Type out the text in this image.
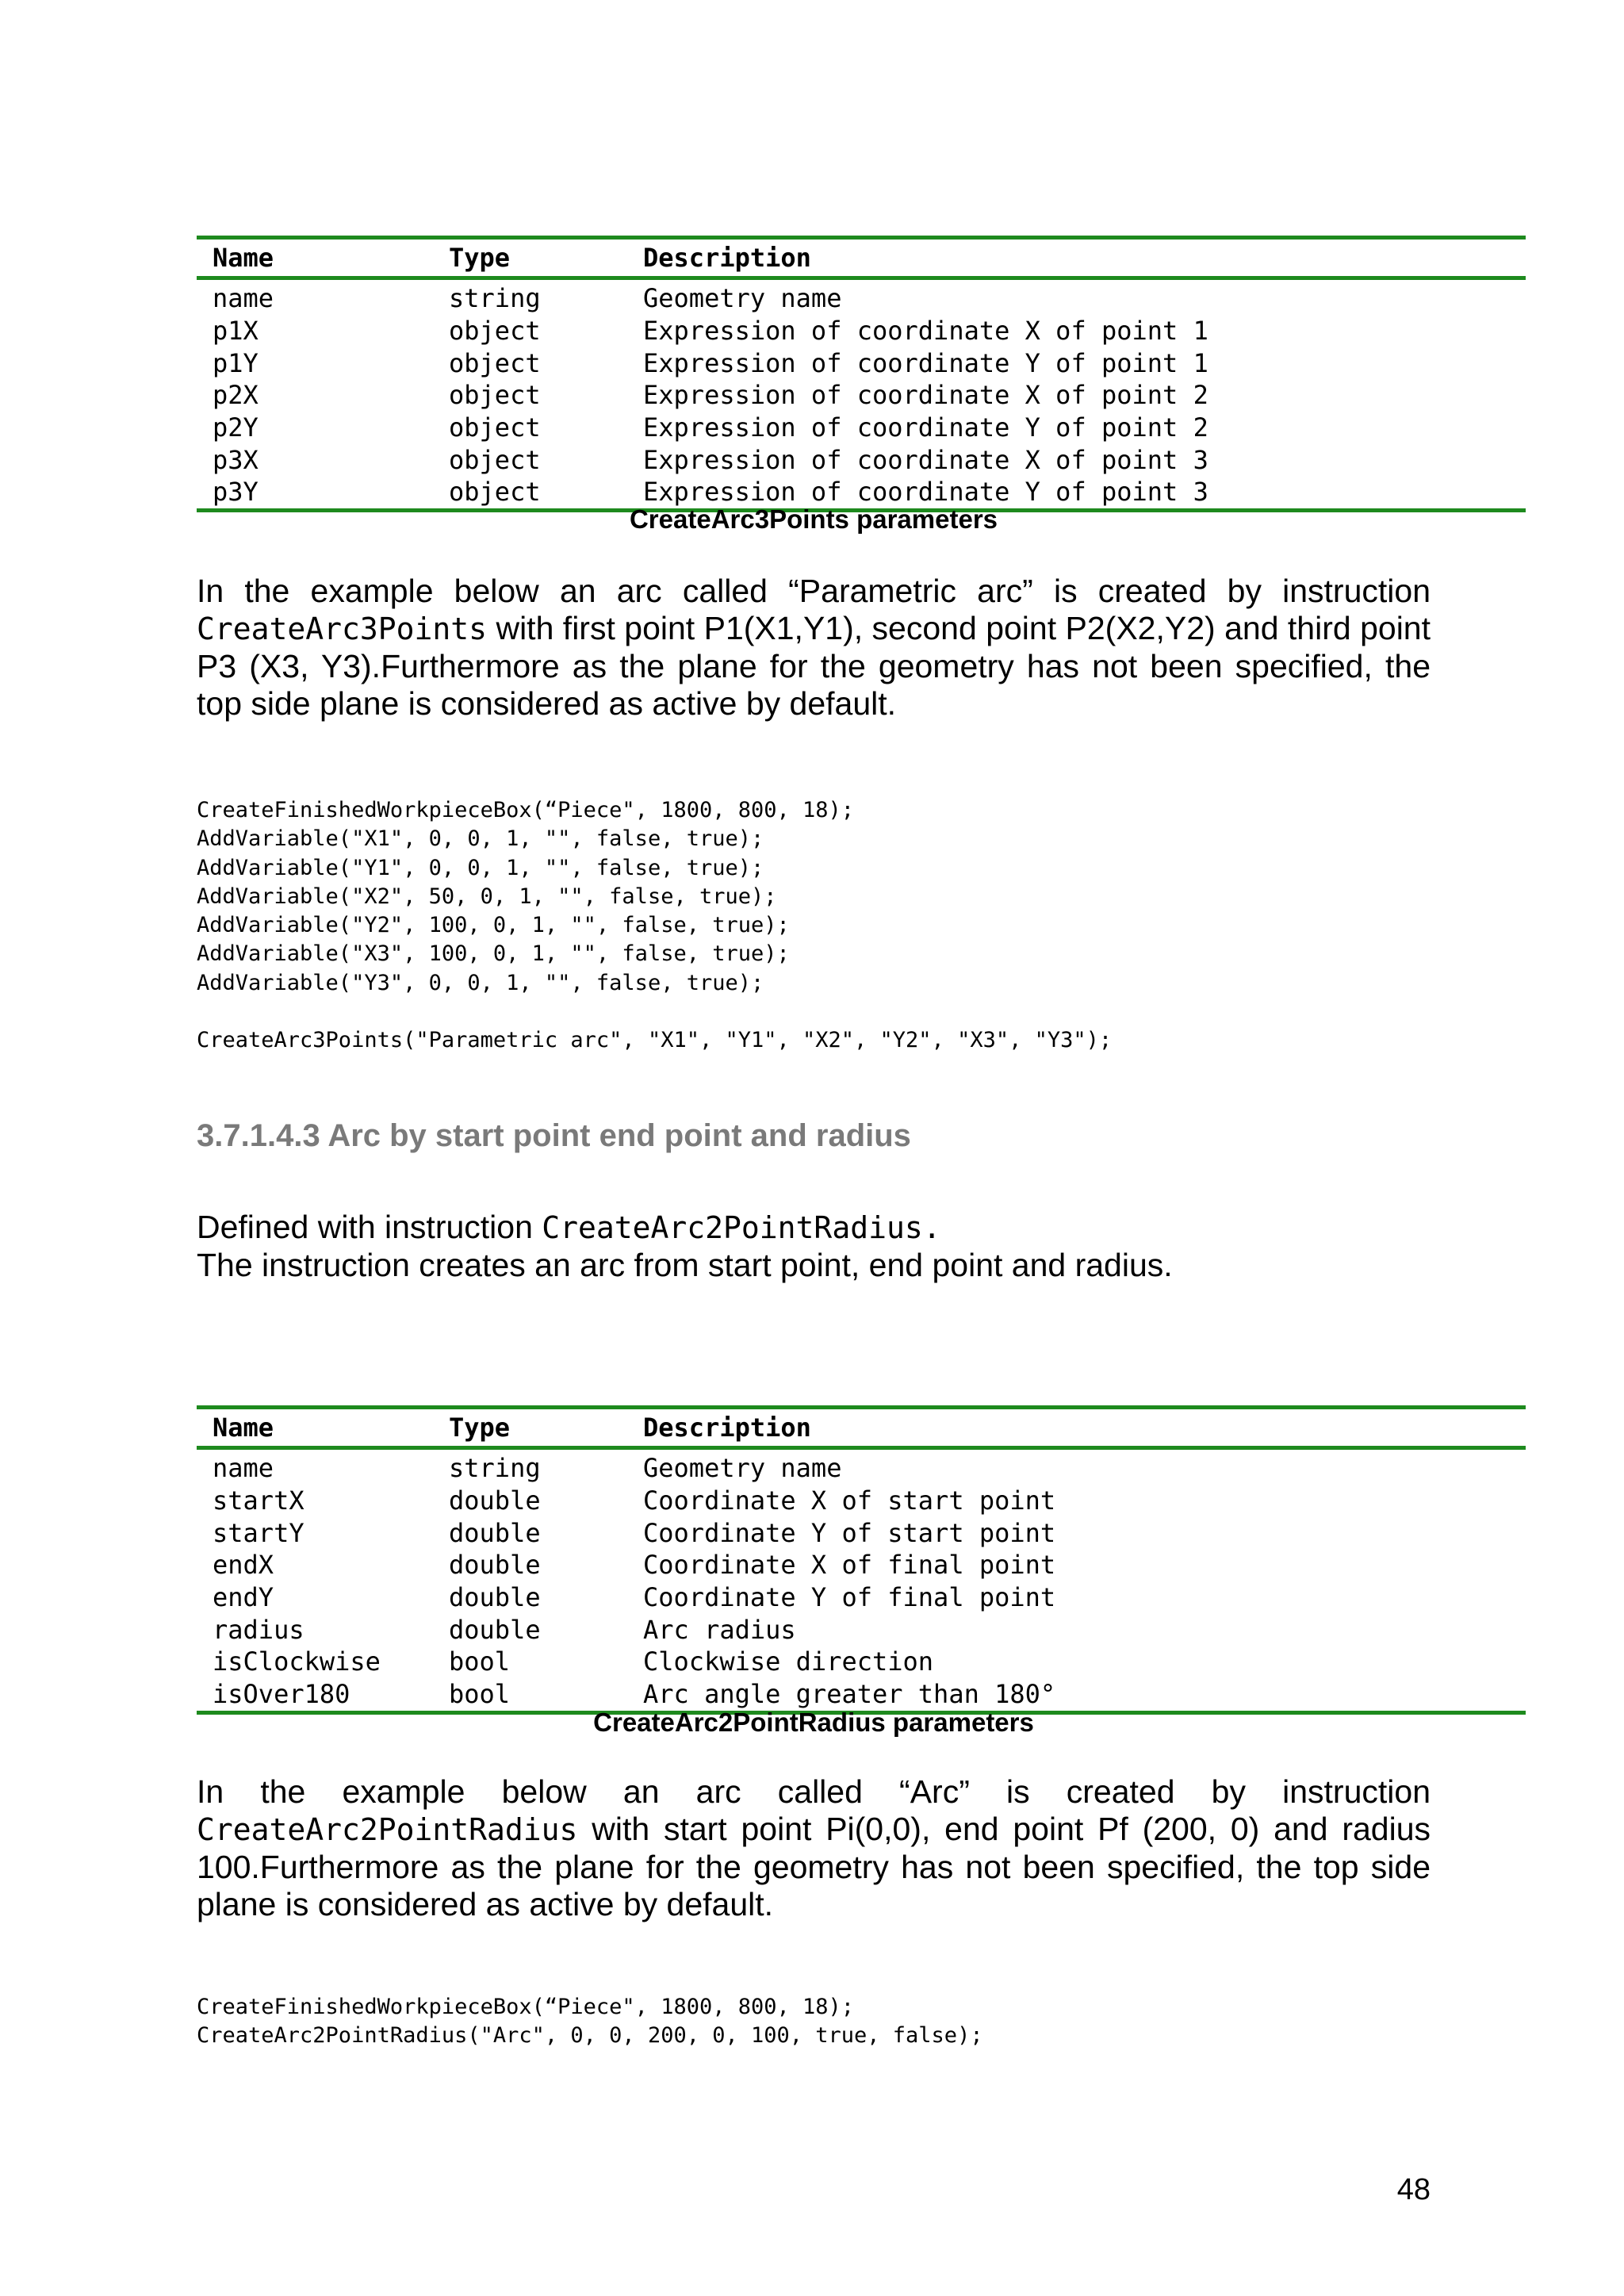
Name	Type	Description
name	string	Geometry name
p1X	object	Expression of coordinate X of point 1
p1Y	object	Expression of coordinate Y of point 1
p2X	object	Expression of coordinate X of point 2
p2Y	object	Expression of coordinate Y of point 2
p3X	object	Expression of coordinate X of point 3
p3Y	object	Expression of coordinate Y of point 3
CreateArc3Points parameters
In the example below an arc called “Parametric arc” is created by instruction CreateArc3Points with first point P1(X1,Y1), second point P2(X2,Y2) and third point P3 (X3, Y3).Furthermore as the plane for the geometry has not been specified, the top side plane is considered as active by default.
CreateFinishedWorkpieceBox(“Piece", 1800, 800, 18);
AddVariable("X1", 0, 0, 1, "", false, true);
AddVariable("Y1", 0, 0, 1, "", false, true);
AddVariable("X2", 50, 0, 1, "", false, true);
AddVariable("Y2", 100, 0, 1, "", false, true);
AddVariable("X3", 100, 0, 1, "", false, true);
AddVariable("Y3", 0, 0, 1, "", false, true);

CreateArc3Points("Parametric arc", "X1", "Y1", "X2", "Y2", "X3", "Y3");
3.7.1.4.3 Arc by start point end point and radius
Defined with instruction CreateArc2PointRadius.
The instruction creates an arc from start point, end point and radius.
Name	Type	Description
name	string	Geometry name
startX	double	Coordinate X of start point
startY	double	Coordinate Y of start point
endX	double	Coordinate X of final point
endY	double	Coordinate Y of final point
radius	double	Arc radius
isClockwise	bool	Clockwise direction
isOver180	bool	Arc angle greater than 180°
CreateArc2PointRadius parameters
In the example below an arc called “Arc” is created by instruction CreateArc2PointRadius with start point Pi(0,0), end point Pf (200, 0) and radius 100.Furthermore as the plane for the geometry has not been specified, the top side plane is considered as active by default.
CreateFinishedWorkpieceBox(“Piece", 1800, 800, 18);
CreateArc2PointRadius("Arc", 0, 0, 200, 0, 100, true, false);
48
